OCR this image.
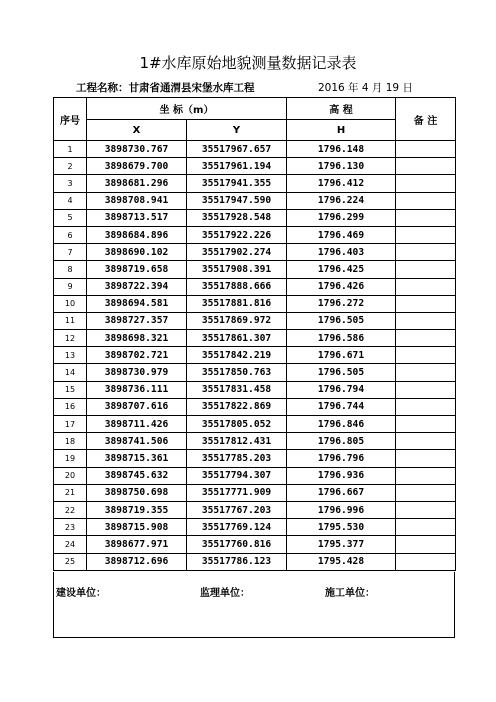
1#水库原始地貌测量数据记录表
工程名称：甘肃省通渭县宋堡水库工程	2016 年 4 月 19 日
序号	坐 标（m）		高 程	备 注
	X	Y	H	
1	3898730.767	35517967.657	1796.148	
2	3898679.700	35517961.194	1796.130	
3	3898681.296	35517941.355	1796.412	
4	3898708.941	35517947.590	1796.224	
5	3898713.517	35517928.548	1796.299	
6	3898684.896	35517922.226	1796.469	
7	3898690.102	35517902.274	1796.403	
8	3898719.658	35517908.391	1796.425	
9	3898722.394	35517888.666	1796.426	
10	3898694.581	35517881.816	1796.272	
11	3898727.357	35517869.972	1796.505	
12	3898698.321	35517861.307	1796.586	
13	3898702.721	35517842.219	1796.671	
14	3898730.979	35517850.763	1796.505	
15	3898736.111	35517831.458	1796.794	
16	3898707.616	35517822.869	1796.744	
17	3898711.426	35517805.052	1796.846	
18	3898741.506	35517812.431	1796.805	
19	3898715.361	35517785.203	1796.796	
20	3898745.632	35517794.307	1796.936	
21	3898750.698	35517771.909	1796.667	
22	3898719.355	35517767.203	1796.996	
23	3898715.908	35517769.124	1795.530	
24	3898677.971	35517760.816	1795.377	
25	3898712.696	35517786.123	1795.428	
建设单位：	监理单位：	施工单位：
